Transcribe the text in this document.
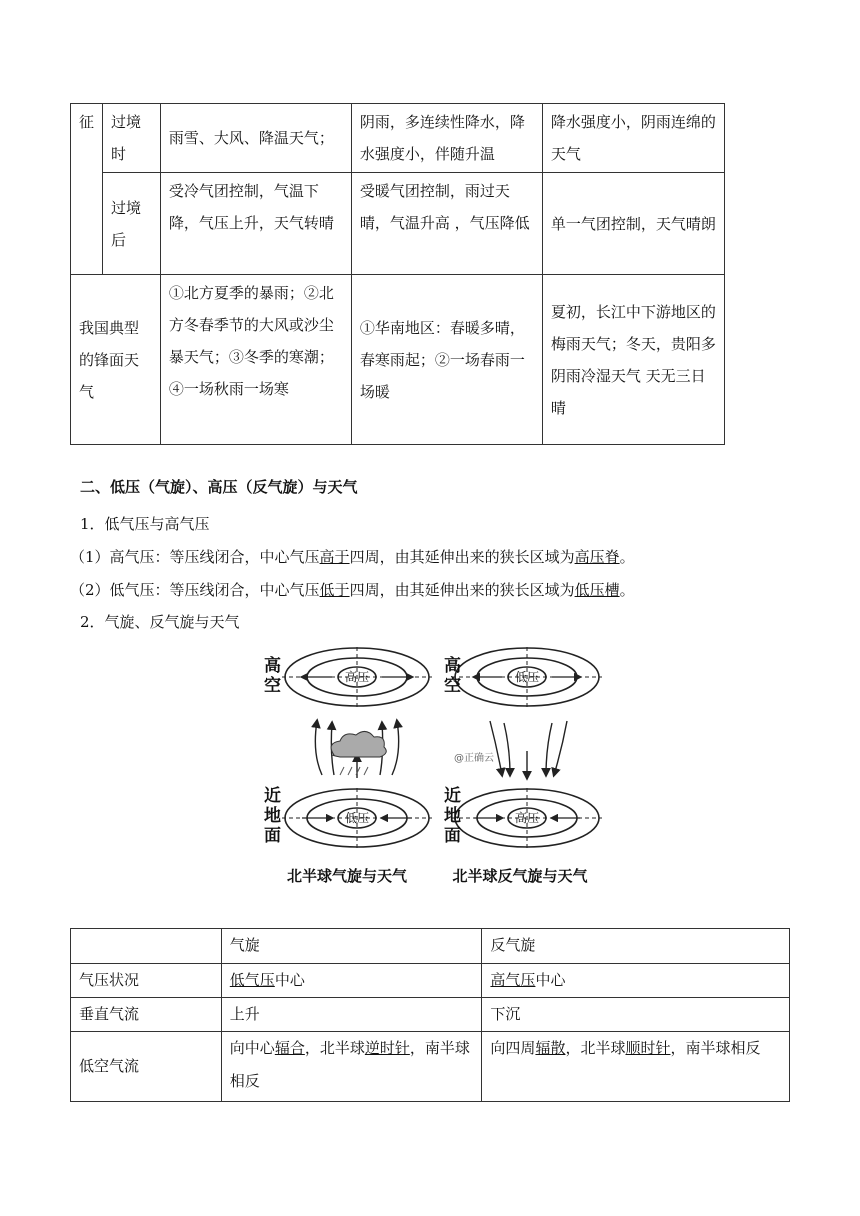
征	过境时	雨雪、大风、降温天气；	阴雨，多连续性降水，降水强度小，伴随升温	降水强度小，阴雨连绵的天气
	过境后	受冷气团控制，气温下降，气压上升，天气转晴	受暖气团控制，雨过天晴，气温升高 ，气压降低	单一气团控制，天气晴朗
我国典型的锋面天气		①北方夏季的暴雨；②北方冬春季节的大风或沙尘暴天气；③冬季的寒潮；④一场秋雨一场寒	①华南地区：春暖多晴，春寒雨起；②一场春雨一场暖	夏初，长江中下游地区的梅雨天气；冬天，贵阳多阴雨冷湿天气 天无三日晴
二、低压（气旋）、高压（反气旋）与天气
1．低气压与高气压
（1）高气压：等压线闭合，中心气压高于四周，由其延伸出来的狭长区域为高压脊。
（2）低气压：等压线闭合，中心气压低于四周，由其延伸出来的狭长区域为低压槽。
2．气旋、反气旋与天气
高空
高空
近地面
近地面
高压	低压
低压	高压
@正确云
北半球气旋与天气	北半球反气旋与天气
	气旋	反气旋
气压状况	低气压中心	高气压中心
垂直气流	上升	下沉
低空气流	向中心辐合，北半球逆时针，南半球相反	向四周辐散，北半球顺时针，南半球相反
